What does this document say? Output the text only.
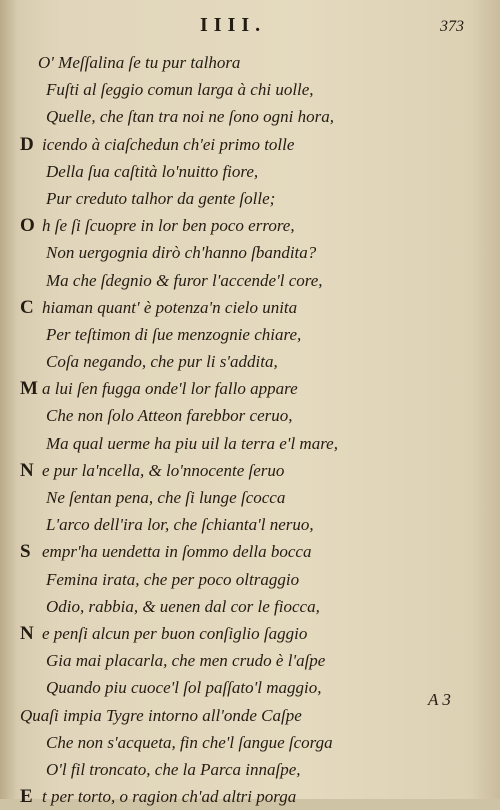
IIII.	373
O' Meſſalina ſe tu pur talhora
Fuſti al ſeggio comun larga à chi uolle,
Quelle, che ſtan tra noi ne ſono ogni hora,
D icendo à ciaſchedun ch'ei primo tolle
Della ſua caſtità lo'nuitto fiore,
Pur creduto talhor da gente ſolle;
O h ſe ſi ſcuopre in lor ben poco errore,
Non uergognia dirò ch'hanno ſbandita?
Ma che ſdegnio & furor l'accende'l core,
C hiaman quant' è potenza'n cielo unita
Per teſtimon di ſue menzognie chiare,
Coſa negando, che pur li s'addita,
M a lui ſen fugga onde'l lor fallo appare
Che non ſolo Atteon farebbor ceruo,
Ma qual uerme ha piu uil la terra e'l mare,
N e pur la'ncella, & lo'nnocente ſeruo
Ne ſentan pena, che ſi lunge ſcocca
L'arco dell'ira lor, che ſchianta'l neruo,
S empr'ha uendetta in ſommo della bocca
Femina irata, che per poco oltraggio
Odio, rabbia, & uenen dal cor le fiocca,
N e penſi alcun per buon conſiglio ſaggio
Gia mai placarla, che men crudo è l'aſpe
Quando piu cuoce'l ſol paſſato'l maggio,
Quaſi impia Tygre intorno all'onde Caſpe
Che non s'acqueta, fin che'l ſangue ſcorga
O'l fil troncato, che la Parca innaſpe,
E t per torto, o ragion ch'ad altri porga
A 3
